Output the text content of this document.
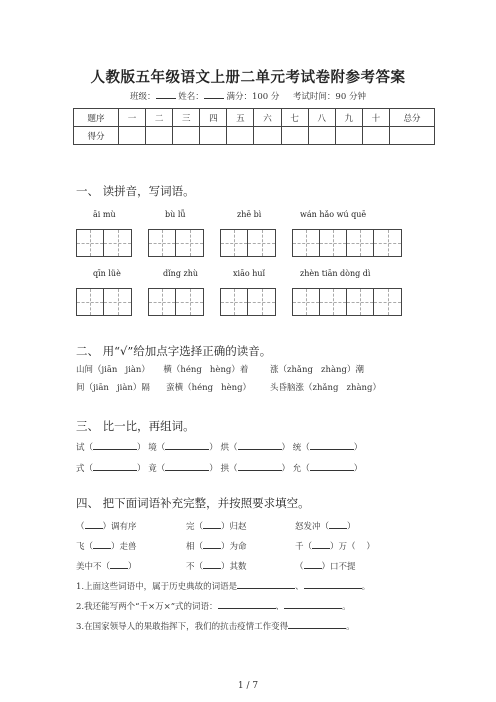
人教版五年级语文上册二单元考试卷附参考答案
班级：	姓名：	满分：100 分 考试时间：90 分钟
题序	一	二	三	四	五	六	七	八	九	十	总分
得分											
一、 读拼音，写词语。
āi mù	bù lǚ	zhē bì	wán hǎo wú quē
qīn lüè	dǐng zhù	xiāo huǐ	zhèn tiān dòng dì
二、 用“√”给加点字选择正确的读音。
山间（jiān   jiàn）     横（héng   hèng）着        涨（zhǎng   zhàng）潮
间（jiān   jiàn）隔      蛮横（héng   hèng）       头昏脑涨（zhǎng   zhàng）
三、 比一比，再组词。
试（	） 境（	） 烘（	） 统（	）
式（	） 竟（	） 拱（	） 允（	）
四、 把下面词语补充完整，并按照要求填空。
（ ）调有序	完（ ）归赵	怒发冲（ ）
飞（ ）走兽	相（ ）为命	千（ ）万（    ）
美中不（ ）	不（ ）其数	（ ）口不提
1.上面这些词语中，属于历史典故的词语是	、	。
2.我还能写两个“千×万×”式的词语：	、	。
3.在国家领导人的果敢指挥下，我们的抗击疫情工作变得	。
1 / 7
